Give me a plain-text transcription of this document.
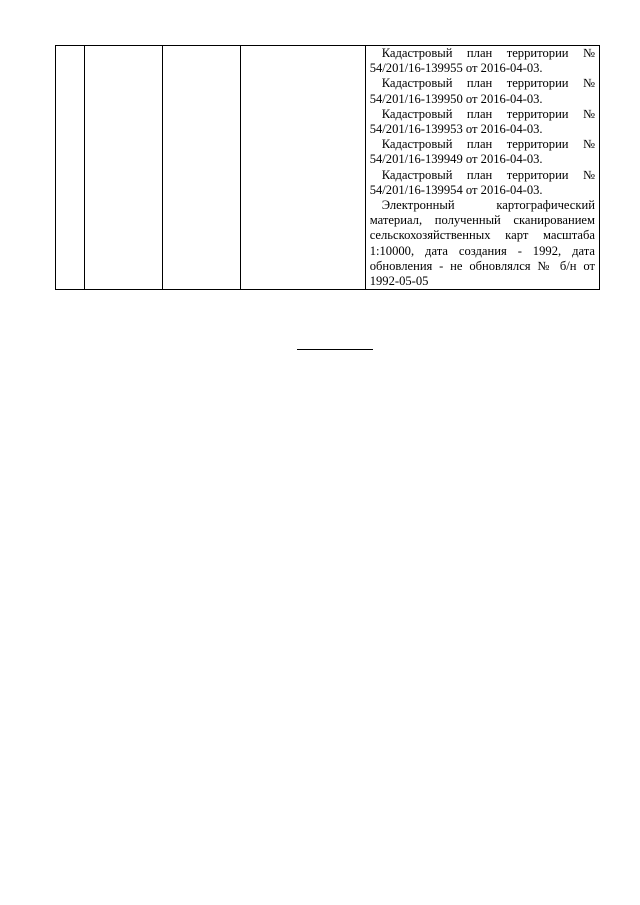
Кадастровый план территории № 54/201/16-139955 от 2016-04-03.

Кадастровый план территории № 54/201/16-139950 от 2016-04-03.

Кадастровый план территории № 54/201/16-139953 от 2016-04-03.

Кадастровый план территории № 54/201/16-139949 от 2016-04-03.

Кадастровый план территории № 54/201/16-139954 от 2016-04-03.

Электронный картографический материал, полученный сканированием сельскохозяйственных карт масштаба 1:10000, дата создания - 1992, дата обновления - не обновлялся № б/н от 1992-05-05
